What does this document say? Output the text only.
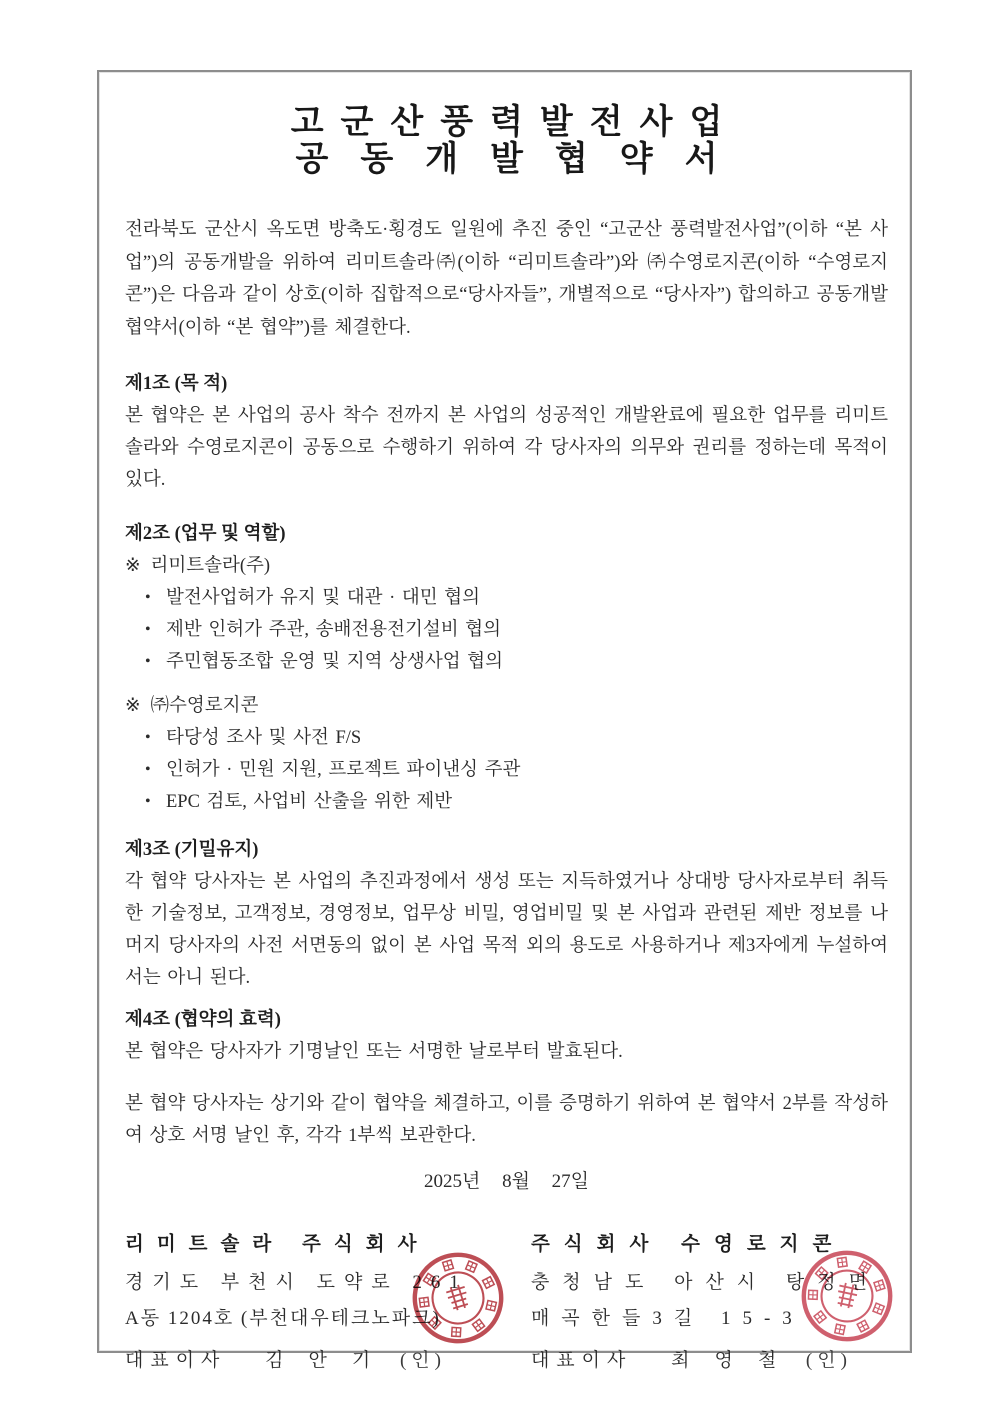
고군산풍력발전사업
공동개발협약서

전라북도 군산시 옥도면 방축도·횡경도 일원에 추진 중인 “고군산 풍력발전사업”(이하 “본 사업”)의 공동개발을 위하여 리미트솔라㈜(이하 “리미트솔라”)와 ㈜수영로지콘(이하 “수영로지콘”)은 다음과 같이 상호(이하 집합적으로“당사자들”, 개별적으로 “당사자”) 합의하고 공동개발협약서(이하 “본 협약”)를 체결한다.

제1조 (목 적)

본 협약은 본 사업의 공사 착수 전까지 본 사업의 성공적인 개발완료에 필요한 업무를 리미트솔라와 수영로지콘이 공동으로 수행하기 위하여 각 당사자의 의무와 권리를 정하는데 목적이 있다.

제2조 (업무 및 역할)
※ 리미트솔라(주)
• 발전사업허가 유지 및 대관 · 대민 협의
• 제반 인허가 주관, 송배전용전기설비 협의
• 주민협동조합 운영 및 지역 상생사업 협의
※ ㈜수영로지콘
• 타당성 조사 및 사전 F/S
• 인허가 · 민원 지원, 프로젝트 파이낸싱 주관
• EPC 검토, 사업비 산출을 위한 제반
제3조 (기밀유지)

각 협약 당사자는 본 사업의 추진과정에서 생성 또는 지득하였거나 상대방 당사자로부터 취득한 기술정보, 고객정보, 경영정보, 업무상 비밀, 영업비밀 및 본 사업과 관련된 제반 정보를 나머지 당사자의 사전 서면동의 없이 본 사업 목적 외의 용도로 사용하거나 제3자에게 누설하여서는 아니 된다.

제4조 (협약의 효력)

본 협약은 당사자가 기명날인 또는 서명한 날로부터 발효된다.

본 협약 당사자는 상기와 같이 협약을 체결하고, 이를 증명하기 위하여 본 협약서 2부를 작성하여 상호 서명 날인 후, 각각 1부씩 보관한다.

2025년 8월 27일

리미트솔라 주식회사
경기도 부천시 도약로 261
A동 1204호 (부천대우테크노파크)
대표이사 김안기 (인)
주식회사 수영로지콘
충청남도 아산시 탕정면
매곡한들3길 15-3
대표이사 최영철 (인)
